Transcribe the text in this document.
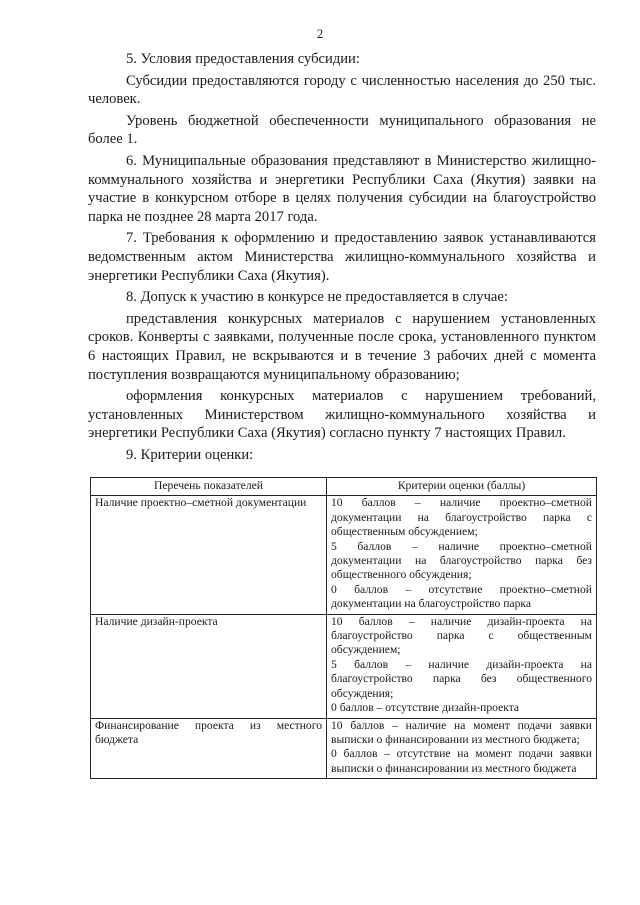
2

5. Условия предоставления субсидии:

Субсидии предоставляются городу с численностью населения до 250 тыс. человек.

Уровень бюджетной обеспеченности муниципального образования не более 1.

6. Муниципальные образования представляют в Министерство жилищно-коммунального хозяйства и энергетики Республики Саха (Якутия) заявки на участие в конкурсном отборе в целях получения субсидии на благоустройство парка не позднее 28 марта 2017 года.

7. Требования к оформлению и предоставлению заявок устанавливаются ведомственным актом Министерства жилищно-коммунального хозяйства и энергетики Республики Саха (Якутия).

8. Допуск к участию в конкурсе не предоставляется в случае:

представления конкурсных материалов с нарушением установленных сроков. Конверты с заявками, полученные после срока, установленного пунктом 6 настоящих Правил, не вскрываются и в течение 3 рабочих дней с момента поступления возвращаются муниципальному образованию;

оформления конкурсных материалов с нарушением требований, установленных Министерством жилищно-коммунального хозяйства и энергетики Республики Саха (Якутия) согласно пункту 7 настоящих Правил.

9. Критерии оценки:

Перечень показателей	Критерии оценки (баллы)
Наличие проектно–сметной документации	10 баллов – наличие проектно–сметной документации на благоустройство парка с общественным обсуждением;
5 баллов – наличие проектно–сметной документации на благоустройство парка без общественного обсуждения;
0 баллов – отсутствие проектно–сметной документации на благоустройство парка

Наличие дизайн-проекта	10 баллов – наличие дизайн-проекта на благоустройство парка с общественным обсуждением;
5 баллов – наличие дизайн-проекта на благоустройство парка без общественного обсуждения;
0 баллов – отсутствие дизайн-проекта

Финансирование проекта из местного бюджета	10 баллов – наличие на момент подачи заявки выписки о финансировании из местного бюджета;
0 баллов – отсутствие на момент подачи заявки выписки о финансировании из местного бюджета
